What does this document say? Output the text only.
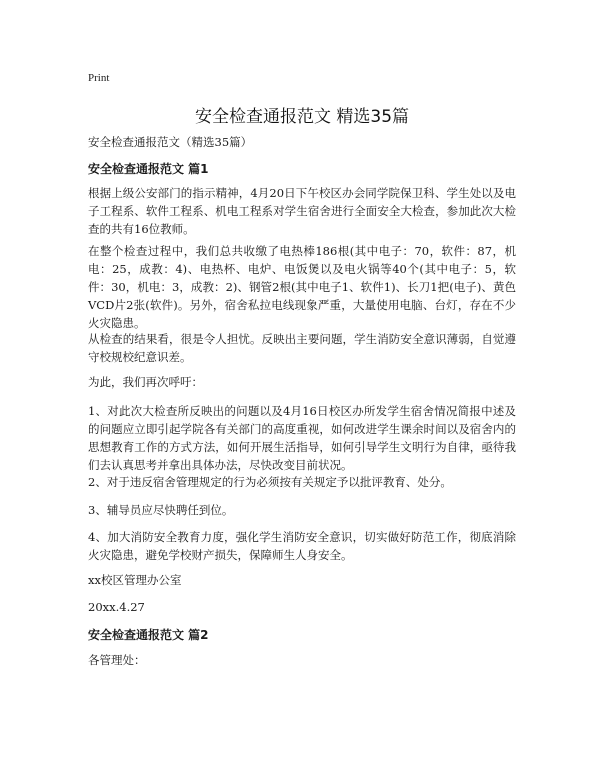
Print
安全检查通报范文 精选35篇
安全检查通报范文（精选35篇）
安全检查通报范文 篇1

根据上级公安部门的指示精神，4月20日下午校区办会同学院保卫科、学生处以及电子工程系、软件工程系、机电工程系对学生宿舍进行全面安全大检查，参加此次大检查的共有16位教师。

在整个检查过程中，我们总共收缴了电热棒186根(其中电子：70，软件：87，机电：25，成教：4)、电热杯、电炉、电饭煲以及电火锅等40个(其中电子：5，软件：30，机电：3，成教：2)、钢管2根(其中电子1、软件1)、长刀1把(电子)、黄色VCD片2张(软件)。另外，宿舍私拉电线现象严重，大量使用电脑、台灯，存在不少火灾隐患。

从检查的结果看，很是令人担忧。反映出主要问题，学生消防安全意识薄弱，自觉遵守校规校纪意识差。

为此，我们再次呼吁：

1、对此次大检查所反映出的问题以及4月16日校区办所发学生宿舍情况简报中述及的问题应立即引起学院各有关部门的高度重视，如何改进学生课余时间以及宿舍内的思想教育工作的方式方法，如何开展生活指导，如何引导学生文明行为自律，亟待我们去认真思考并拿出具体办法，尽快改变目前状况。

2、对于违反宿舍管理规定的行为必须按有关规定予以批评教育、处分。
3、辅导员应尽快聘任到位。

4、加大消防安全教育力度，强化学生消防安全意识，切实做好防范工作，彻底消除火灾隐患，避免学校财产损失，保障师生人身安全。

xx校区管理办公室
20xx.4.27
安全检查通报范文 篇2
各管理处：
